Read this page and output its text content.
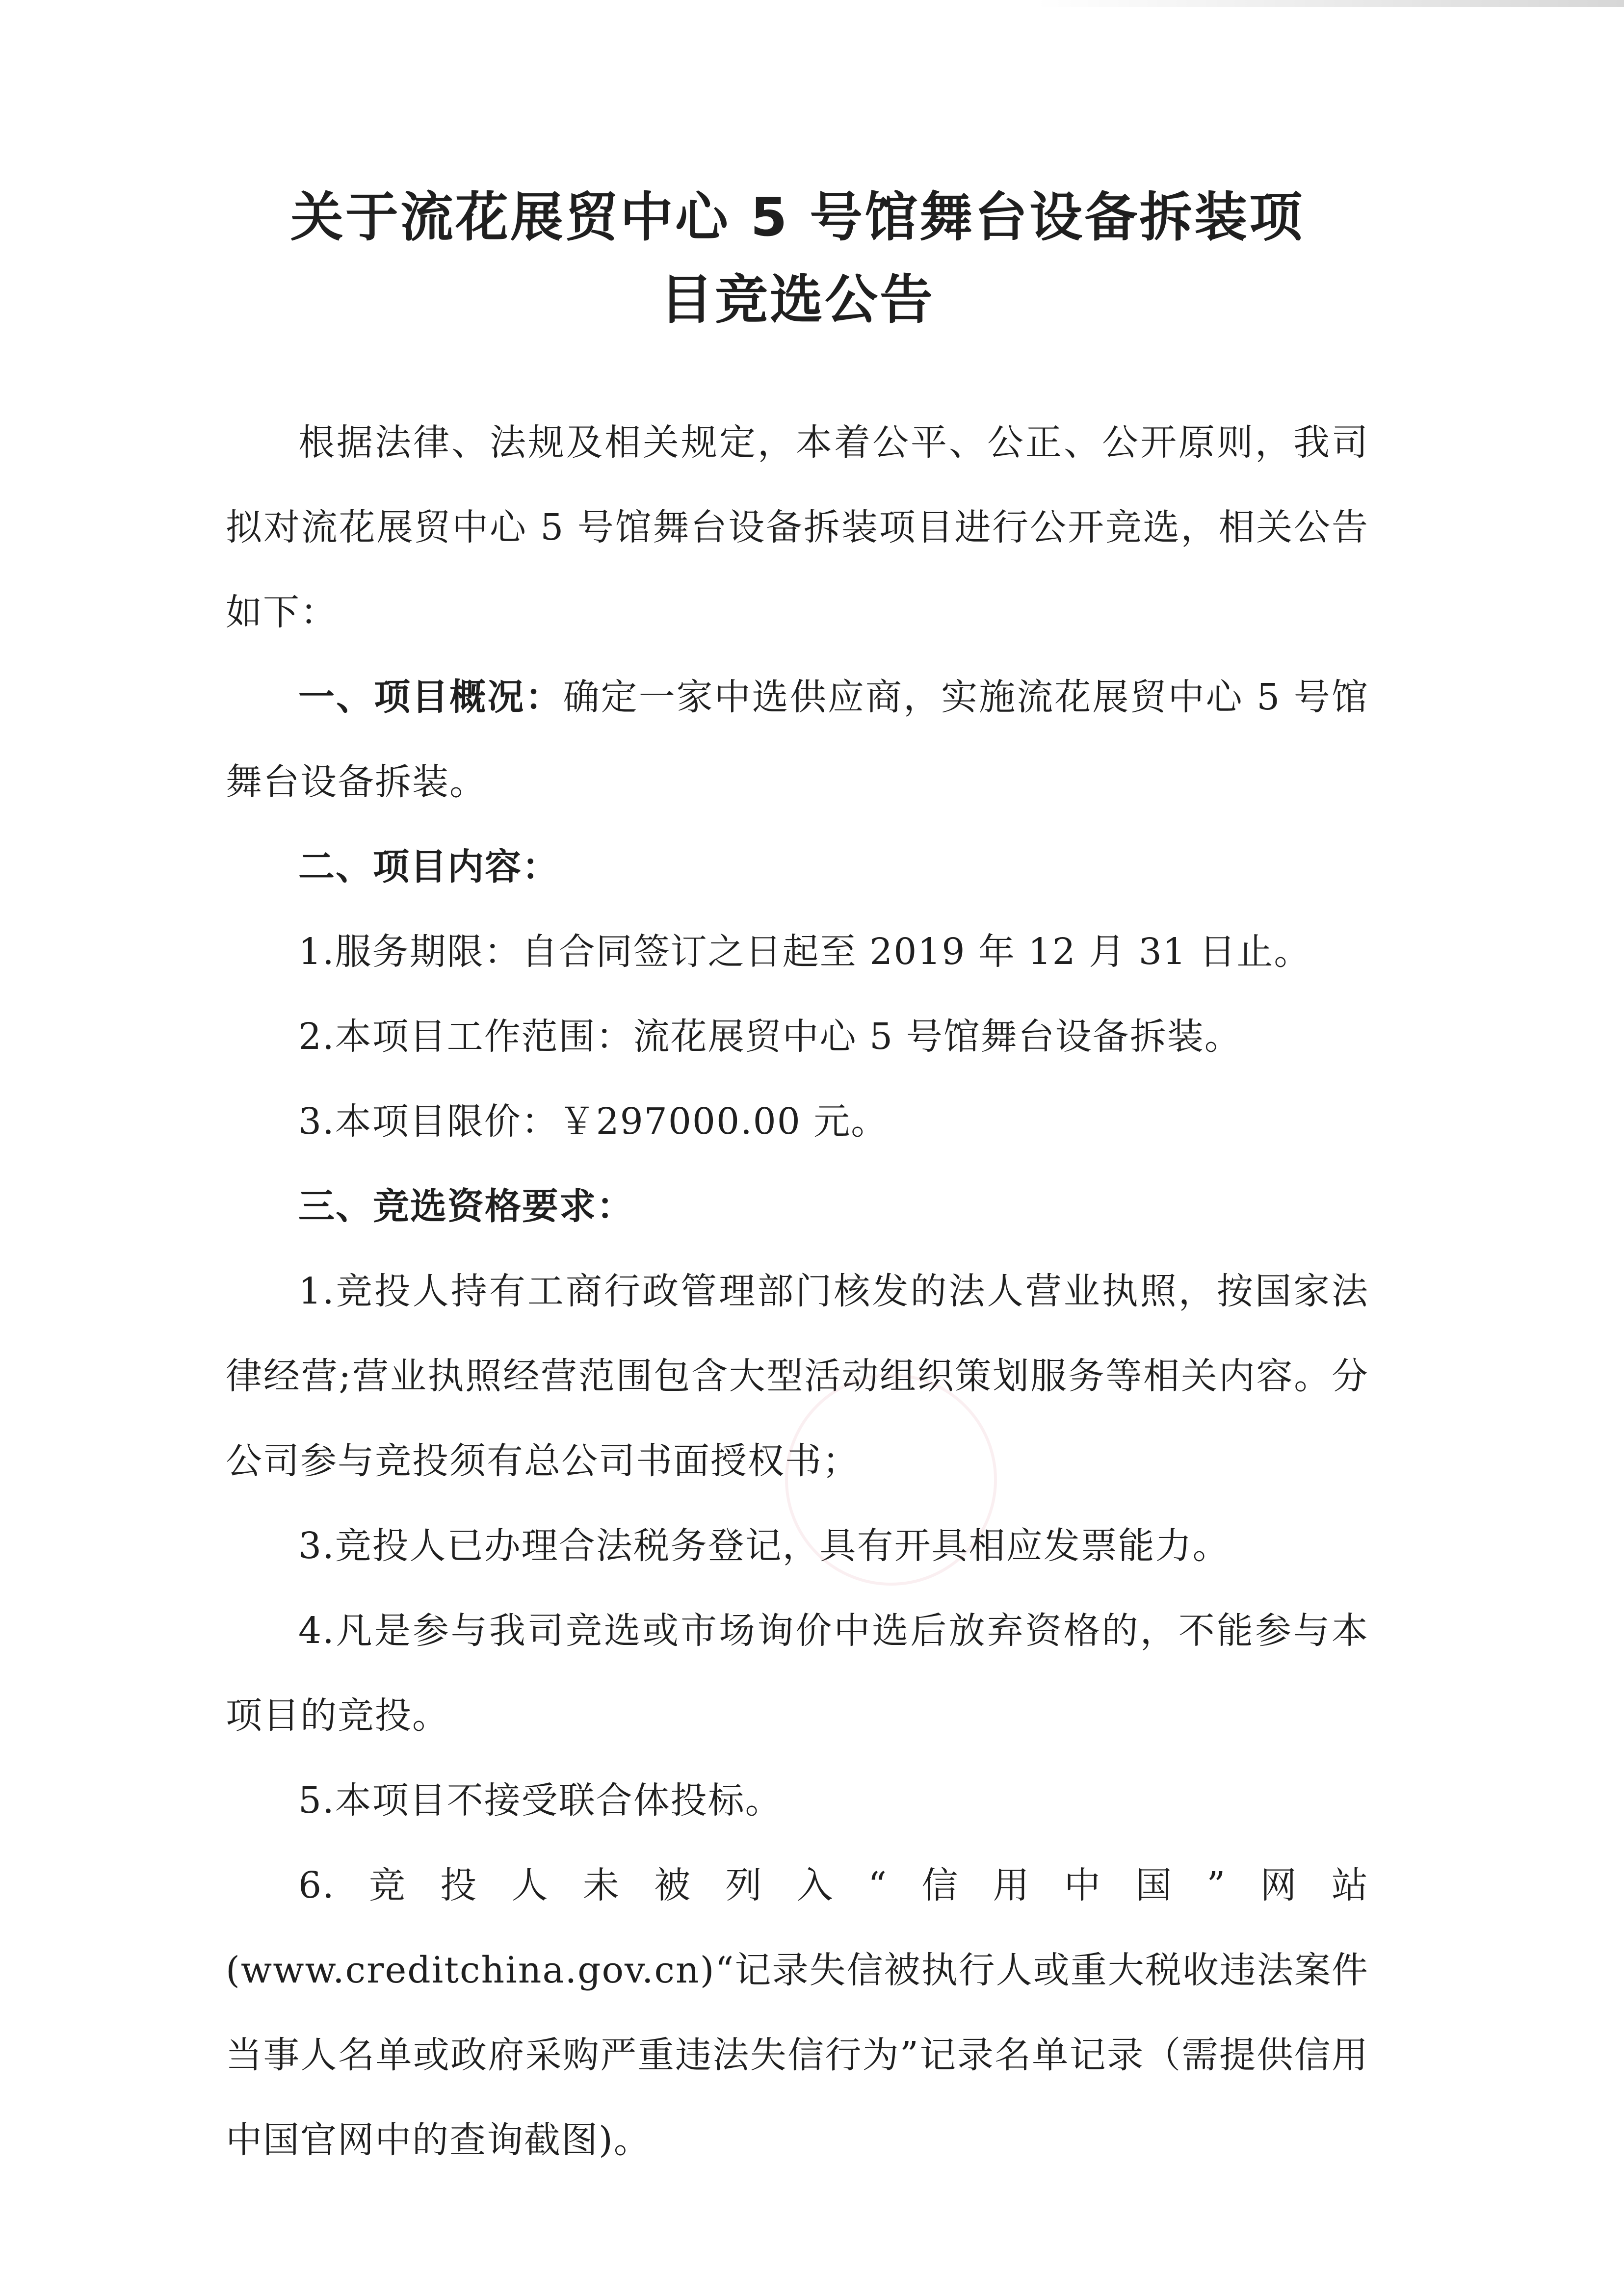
关于流花展贸中心 5 号馆舞台设备拆装项
目竞选公告

根据法律、法规及相关规定，本着公平、公正、公开原则，我司拟对流花展贸中心 5 号馆舞台设备拆装项目进行公开竞选，相关公告如下：

一、项目概况：确定一家中选供应商，实施流花展贸中心 5 号馆舞台设备拆装。

二、项目内容：

1.服务期限：自合同签订之日起至 2019 年 12 月 31 日止。

2.本项目工作范围：流花展贸中心 5 号馆舞台设备拆装。

3.本项目限价：￥297000.00 元。

三、竞选资格要求：

1.竞投人持有工商行政管理部门核发的法人营业执照，按国家法律经营;营业执照经营范围包含大型活动组织策划服务等相关内容。分公司参与竞投须有总公司书面授权书；

3.竞投人已办理合法税务登记，具有开具相应发票能力。

4.凡是参与我司竞选或市场询价中选后放弃资格的，不能参与本项目的竞投。

5.本项目不接受联合体投标。

6.竞投人未被列入“信用中国”网站(www.creditchina.gov.cn)“记录失信被执行人或重大税收违法案件当事人名单或政府采购严重违法失信行为”记录名单记录（需提供信用中国官网中的查询截图)。
